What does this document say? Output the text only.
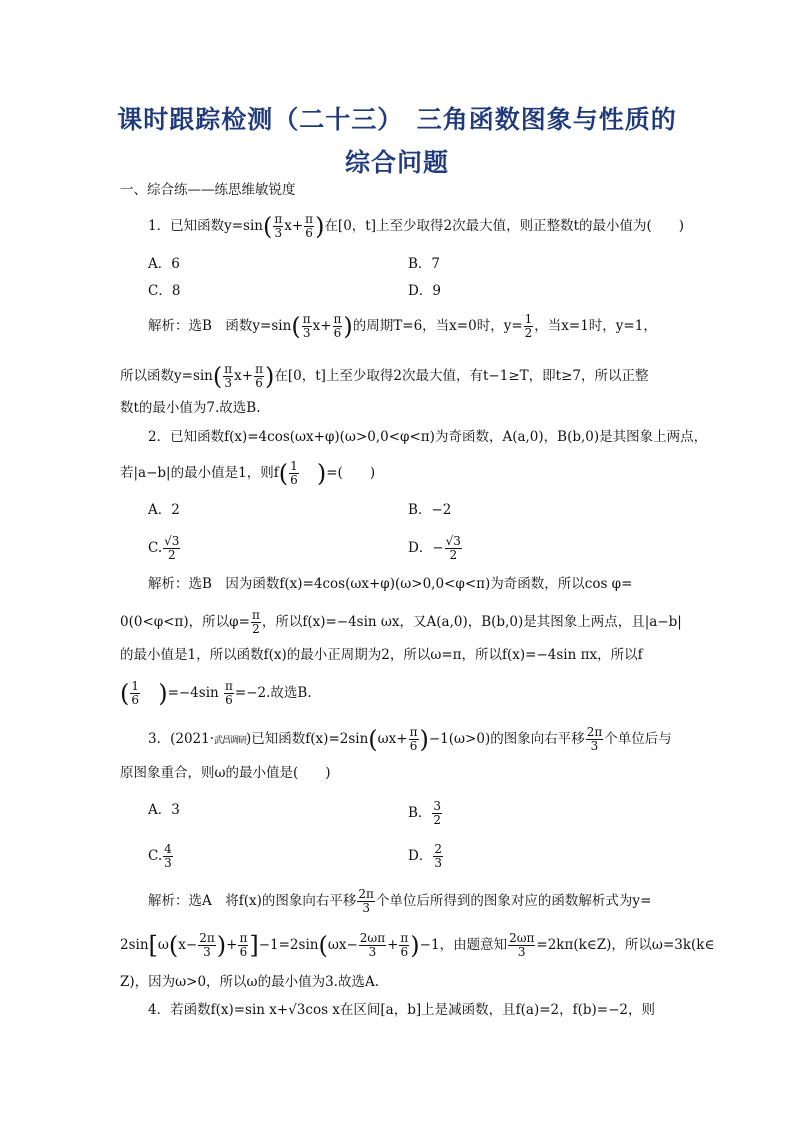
课时跟踪检测（二十三）　三角函数图象与性质的
综合问题
一、综合练——练思维敏锐度
1．已知函数$y=\sin( \frac{\pi}{3} x+ \frac{\pi}{6}$ )在[0，t]上至少取得2次最大值，则正整数t的最小值为(　　)
A．6	B．7
C．8	D．9
解析：选B　函数$y=\sin( \frac{\pi}{3} x+ \frac{\pi}{6}$ )的周期T=6，当x=0时，$y= \frac{1}{2}$ ，当x=1时，y=1，
所以函数$y=\sin( \frac{\pi}{3} x+ \frac{\pi}{6}$ )在[0，t]上至少取得2次最大值，有t−1≥T，即t≥7，所以正整
数t的最小值为7.故选B.
2．已知函数f(x)=4cos(ωx+φ)(ω>0,0<φ<π)为奇函数，A(a,0)，B(b,0)是其图象上两点，
若|a−b|的最小值是1，则$f( \frac{1}{6}$ )=(　　)
A．2	B．−2
C. $\frac{√3}{2}$	D．− $\frac{√3}{2}$
解析：选B　因为函数f(x)=4cos(ωx+φ)(ω>0,0<φ<π)为奇函数，所以cos φ=
0(0<φ<π)，所以$\varphi= \frac{\pi}{2}$ ，所以f(x)=−4sin ωx，又A(a,0)，B(b,0)是其图象上两点，且|a−b|
的最小值是1，所以函数f(x)的最小正周期为2，所以ω=π，所以f(x)=−4sin πx，所以f
( $\frac{1}{6} )=-4\sin \frac{\pi}{6} =-2$.故选B.
3．(2021·武昌调研)已知函数$f(x)=2\sin(\omega x+ \frac{\pi}{6} )-1(\omega>0)$的图象向右平移 $\frac{2\pi}{3}$ 个单位后与
原图象重合，则ω的最小值是(　　)
A．3	B． $\frac{3}{2}$
C. $\frac{4}{3}$	D． $\frac{2}{3}$
解析：选A　将f(x)的图象向右平移 $\frac{2\pi}{3}$ 个单位后所得到的图象对应的函数解析式为y=
$2\sin[\omega(x- \frac{2\pi}{3}$ )+ $\frac{\pi}{6} ]-1=2\sin(\omega x- \frac{2\omega\pi}{3} + \frac{\pi}{6} )-1$，由题意知 $\frac{2\omega\pi}{3}$ =2kπ(k∈Z)，所以ω=3k(k∈
Z)，因为ω>0，所以ω的最小值为3.故选A.
4．若函数f(x)=sin x+√3cos x在区间[a，b]上是减函数，且f(a)=2，f(b)=−2，则
